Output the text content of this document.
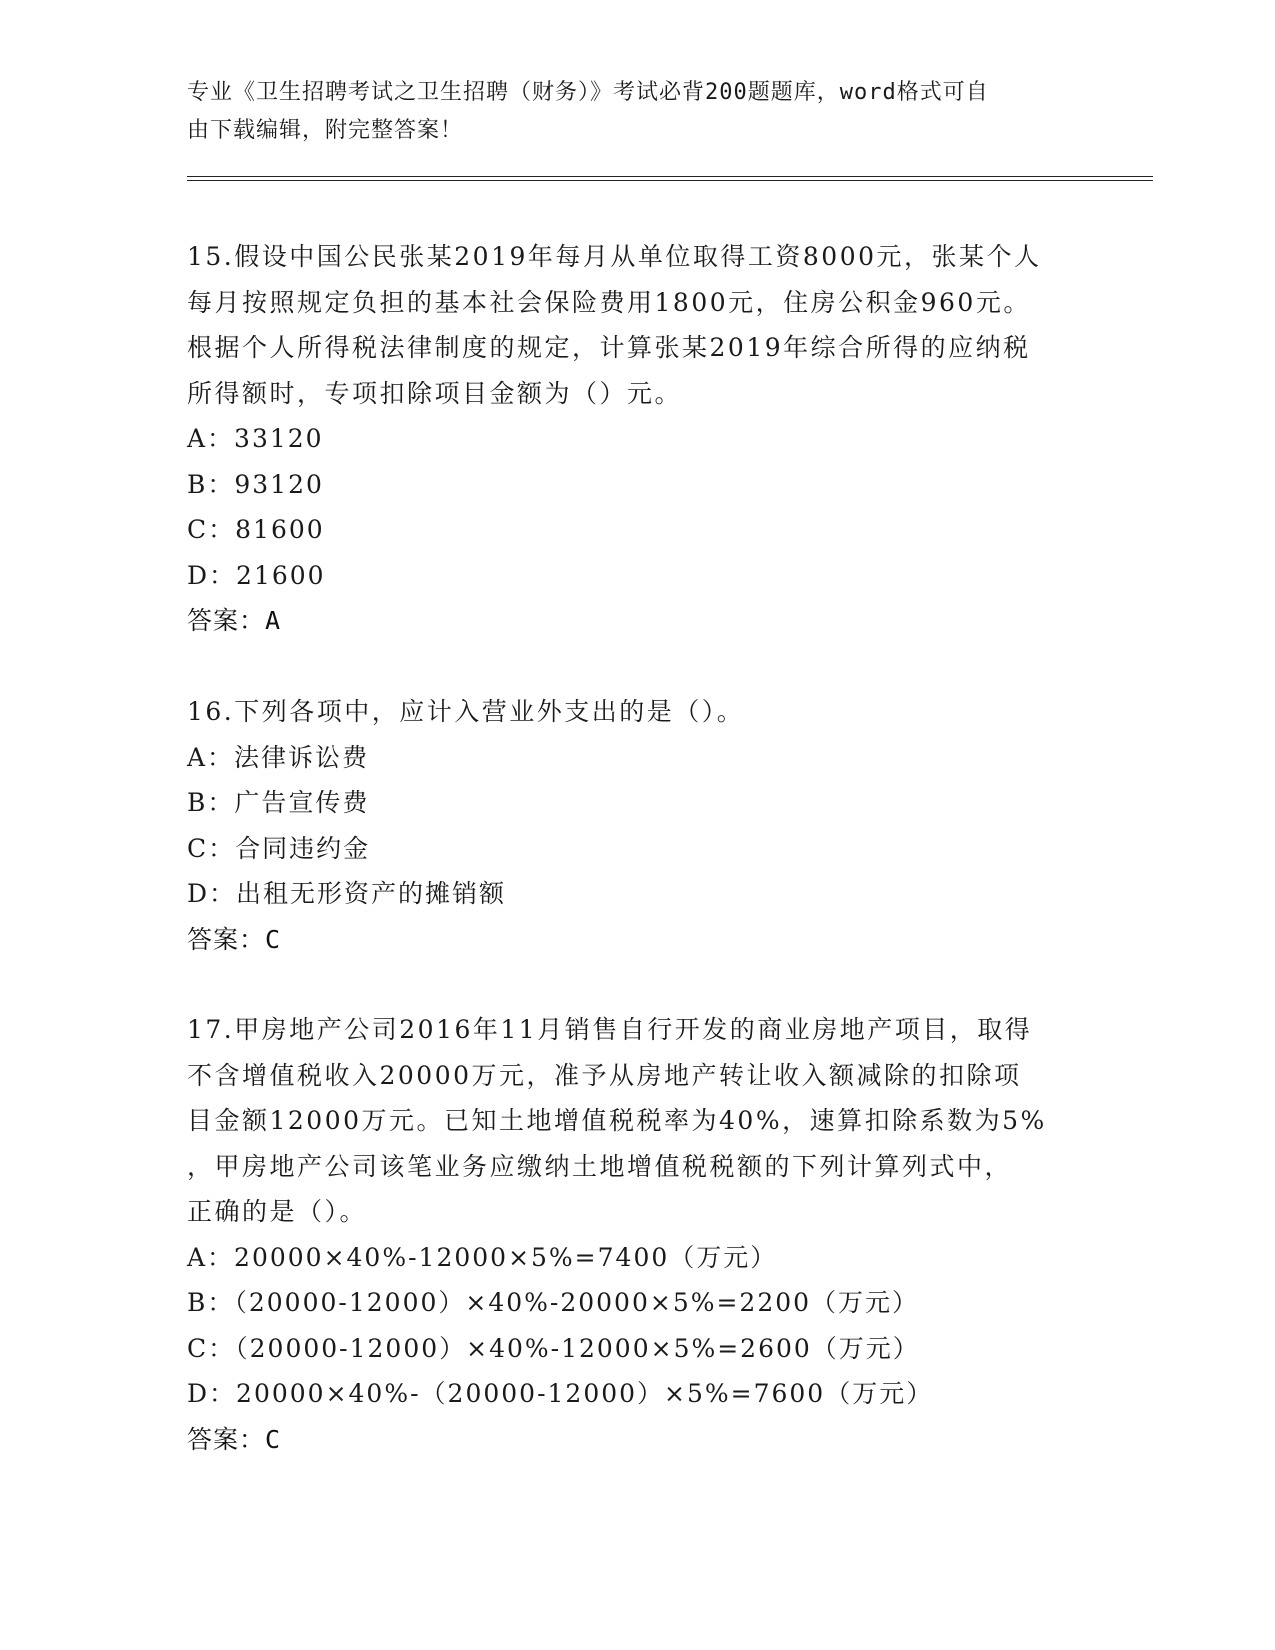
专业《卫生招聘考试之卫生招聘（财务）》考试必背200题题库，word格式可自
由下载编辑，附完整答案！

15.假设中国公民张某2019年每月从单位取得工资8000元，张某个人

每月按照规定负担的基本社会保险费用1800元，住房公积金960元。

根据个人所得税法律制度的规定，计算张某2019年综合所得的应纳税

所得额时，专项扣除项目金额为（）元。

A：33120

B：93120

C：81600

D：21600

答案：A

16.下列各项中，应计入营业外支出的是（）。

A：法律诉讼费

B：广告宣传费

C：合同违约金

D：出租无形资产的摊销额

答案：C

17.甲房地产公司2016年11月销售自行开发的商业房地产项目，取得

不含增值税收入20000万元，准予从房地产转让收入额减除的扣除项

目金额12000万元。已知土地增值税税率为40%，速算扣除系数为5%

，甲房地产公司该笔业务应缴纳土地增值税税额的下列计算列式中，

正确的是（）。

A：20000×40%-12000×5%=7400（万元）

B：（20000-12000）×40%-20000×5%=2200（万元）

C：（20000-12000）×40%-12000×5%=2600（万元）

D：20000×40%-（20000-12000）×5%=7600（万元）

答案：C
